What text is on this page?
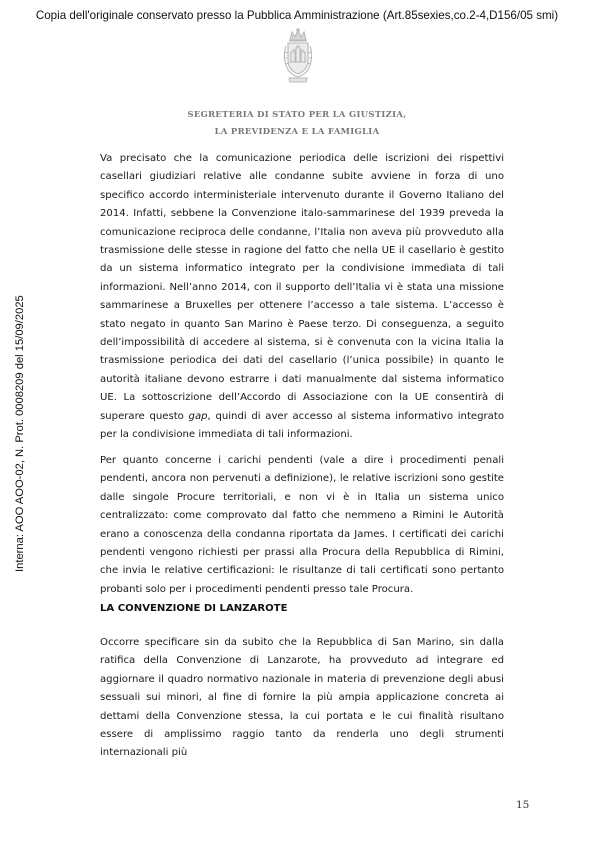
Copia dell'originale conservato presso la Pubblica Amministrazione (Art.85sexies,co.2-4,D156/05 smi)
Interna: AOO AOO-02, N. Prot. 0008209 del 15/09/2025
SEGRETERIA DI STATO PER LA GIUSTIZIA,
LA PREVIDENZA E LA FAMIGLIA

Va precisato che la comunicazione periodica delle iscrizioni dei rispettivi casellari giudiziari relative alle condanne subite avviene in forza di uno specifico accordo interministeriale intervenuto durante il Governo Italiano del 2014. Infatti, sebbene la Convenzione italo-sammarinese del 1939 preveda la comunicazione reciproca delle condanne, l’Italia non aveva più provveduto alla trasmissione delle stesse in ragione del fatto che nella UE il casellario è gestito da un sistema informatico integrato per la condivisione immediata di tali informazioni. Nell’anno 2014, con il supporto dell’Italia vi è stata una missione sammarinese a Bruxelles per ottenere l’accesso a tale sistema. L’accesso è stato negato in quanto San Marino è Paese terzo. Di conseguenza, a seguito dell’impossibilità di accedere al sistema, si è convenuta con la vicina Italia la trasmissione periodica dei dati del casellario (l’unica possibile) in quanto le autorità italiane devono estrarre i dati manualmente dal sistema informatico UE. La sottoscrizione dell’Accordo di Associazione con la UE consentirà di superare questo gap, quindi di aver accesso al sistema informativo integrato per la condivisione immediata di tali informazioni.

Per quanto concerne i carichi pendenti (vale a dire i procedimenti penali pendenti, ancora non pervenuti a definizione), le relative iscrizioni sono gestite dalle singole Procure territoriali, e non vi è in Italia un sistema unico centralizzato: come comprovato dal fatto che nemmeno a Rimini le Autorità erano a conoscenza della condanna riportata da James. I certificati dei carichi pendenti vengono richiesti per prassi alla Procura della Repubblica di Rimini, che invia le relative certificazioni: le risultanze di tali certificati sono pertanto probanti solo per i procedimenti pendenti presso tale Procura.

LA CONVENZIONE DI LANZAROTE

Occorre specificare sin da subito che la Repubblica di San Marino, sin dalla ratifica della Convenzione di Lanzarote, ha provveduto ad integrare ed aggiornare il quadro normativo nazionale in materia di prevenzione degli abusi sessuali sui minori, al fine di fornire la più ampia applicazione concreta ai dettami della Convenzione stessa, la cui portata e le cui finalità risultano essere di amplissimo raggio tanto da renderla uno degli strumenti internazionali più

15
